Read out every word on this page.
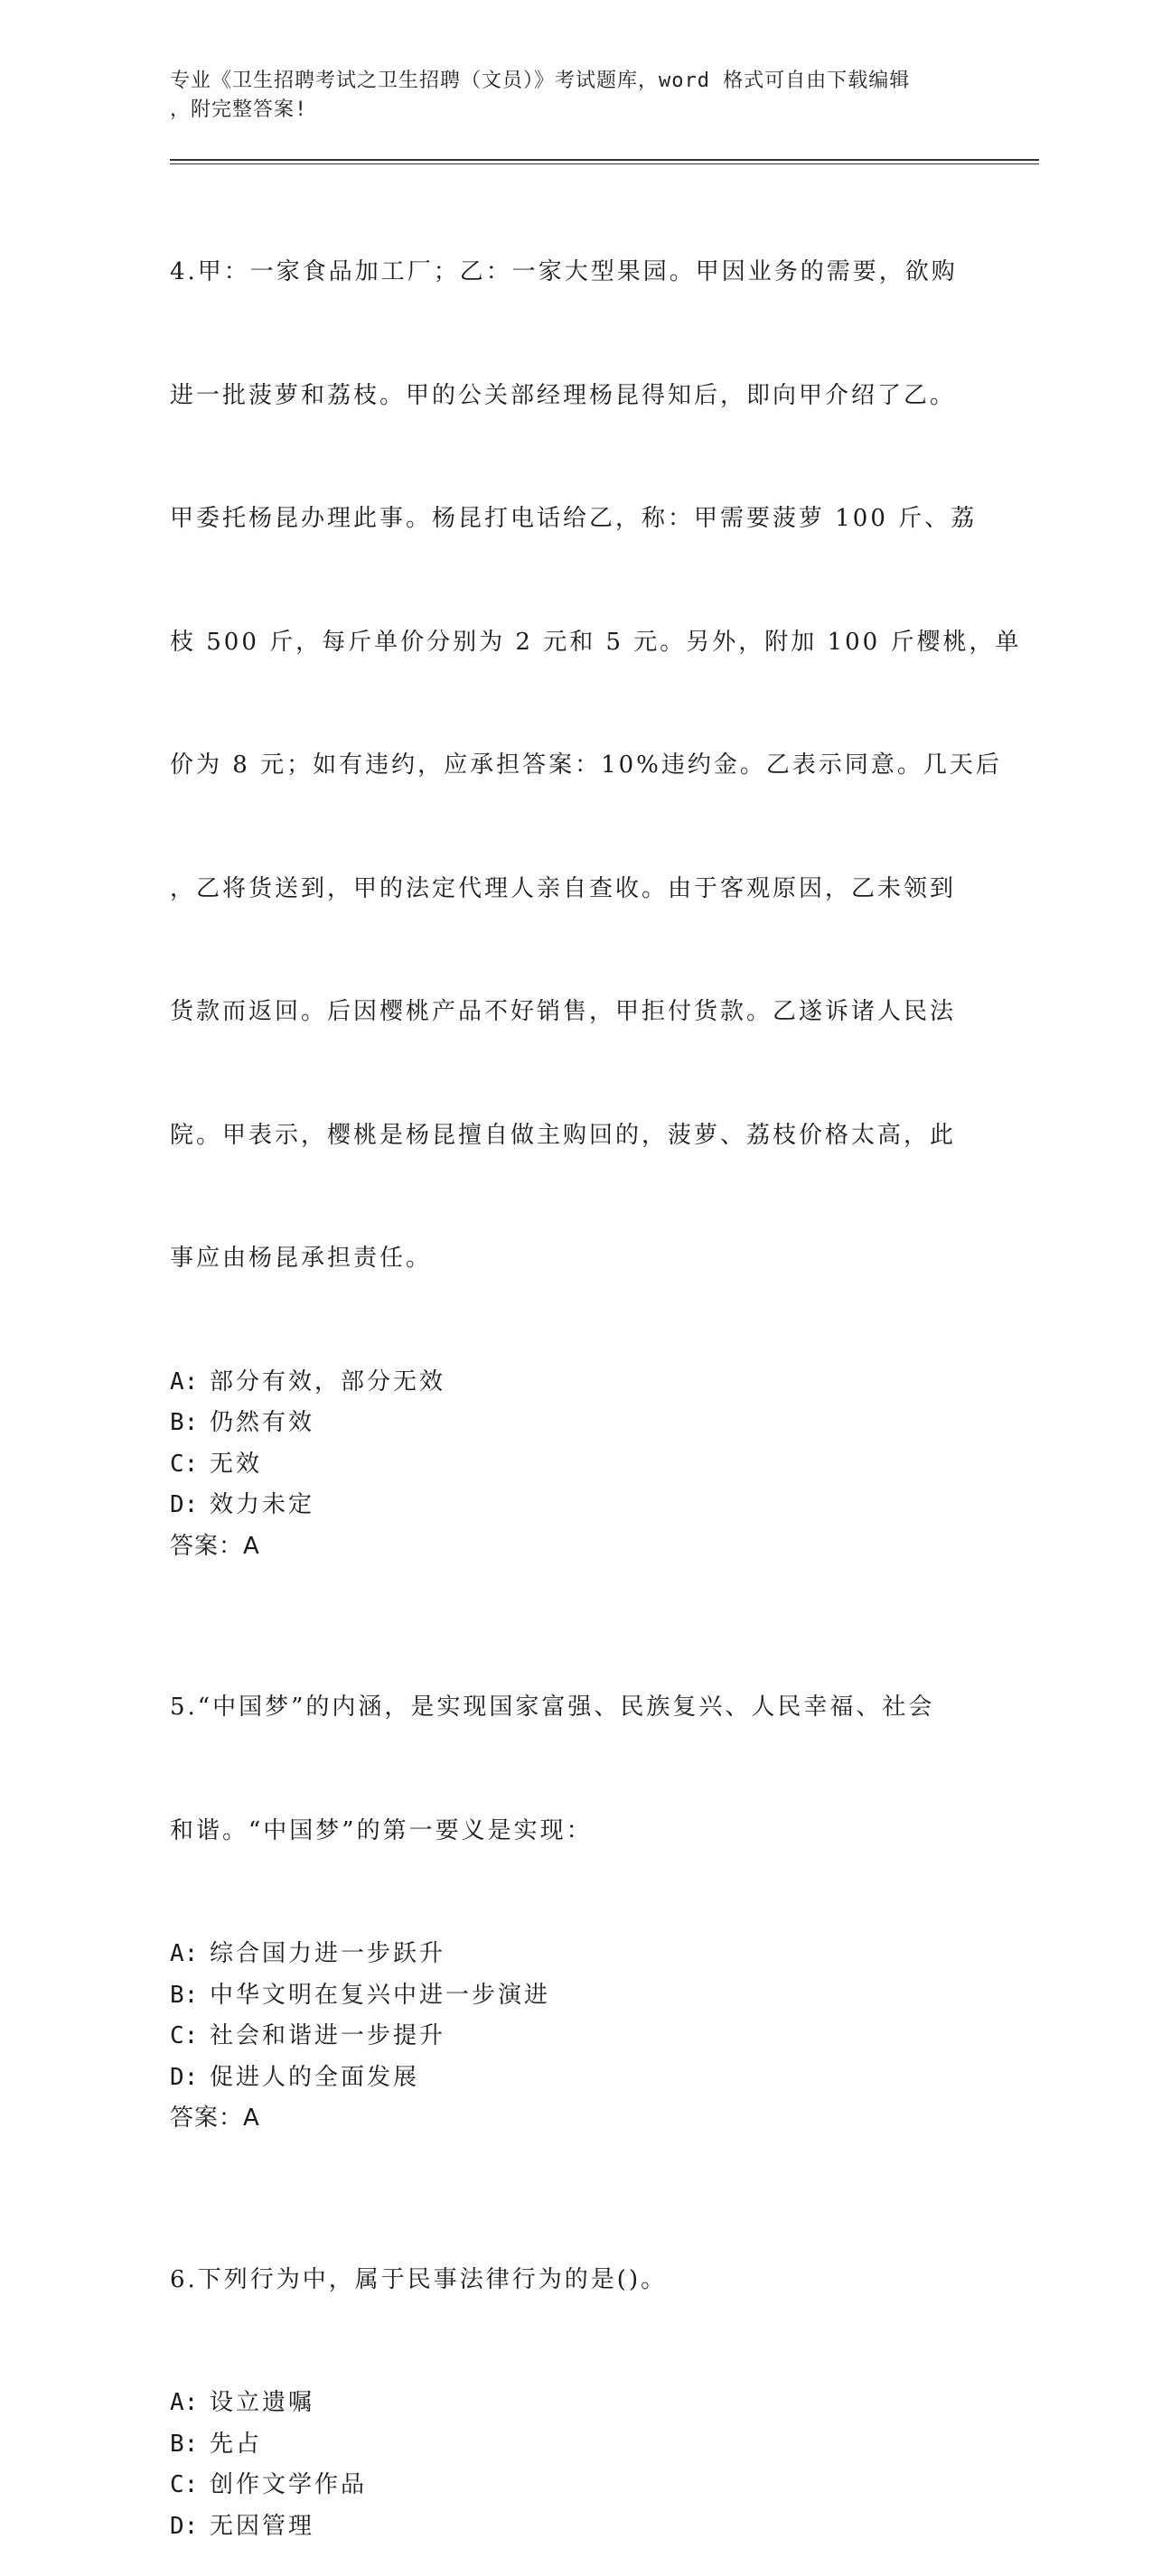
专业《卫生招聘考试之卫生招聘（文员）》考试题库，word 格式可自由下载编辑
，附完整答案!

4.甲：一家食品加工厂；乙：一家大型果园。甲因业务的需要，欲购

进一批菠萝和荔枝。甲的公关部经理杨昆得知后，即向甲介绍了乙。

甲委托杨昆办理此事。杨昆打电话给乙，称：甲需要菠萝 100 斤、荔

枝 500 斤，每斤单价分别为 2 元和 5 元。另外，附加 100 斤樱桃，单

价为 8 元；如有违约，应承担答案：10%违约金。乙表示同意。几天后

，乙将货送到，甲的法定代理人亲自查收。由于客观原因，乙未领到

货款而返回。后因樱桃产品不好销售，甲拒付货款。乙遂诉诸人民法

院。甲表示，樱桃是杨昆擅自做主购回的，菠萝、荔枝价格太高，此

事应由杨昆承担责任。

A: 部分有效，部分无效
B: 仍然有效
C: 无效
D: 效力未定
答案：A

5.“中国梦”的内涵，是实现国家富强、民族复兴、人民幸福、社会

和谐。“中国梦”的第一要义是实现：

A: 综合国力进一步跃升
B: 中华文明在复兴中进一步演进
C: 社会和谐进一步提升
D: 促进人的全面发展
答案：A

6.下列行为中，属于民事法律行为的是()。

A: 设立遗嘱
B: 先占
C: 创作文学作品
D: 无因管理
